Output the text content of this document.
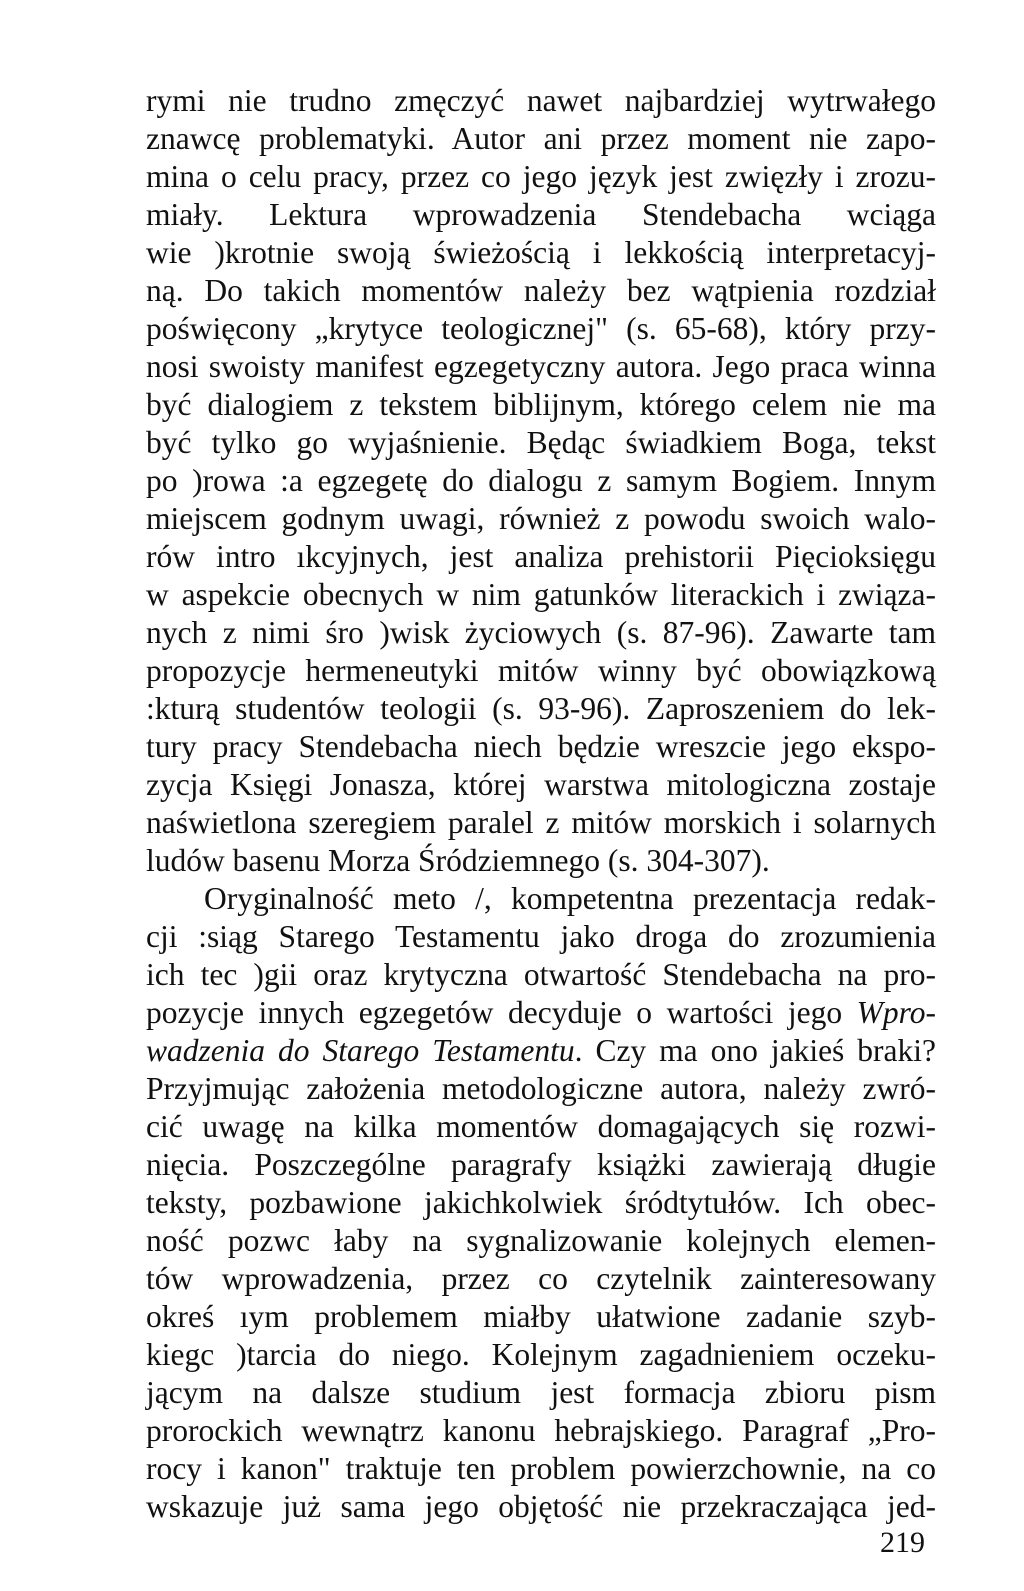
rymi nie trudno zmęczyć nawet najbardziej wytrwałego
znawcę problematyki. Autor ani przez moment nie zapo-
mina o celu pracy, przez co jego język jest zwięzły i zrozu-
miały. Lektura wprowadzenia Stendebacha wciąga
wie )krotnie swoją świeżością i lekkością interpretacyj-
ną. Do takich momentów należy bez wątpienia rozdział
poświęcony „krytyce teologicznej" (s. 65-68), który przy-
nosi swoisty manifest egzegetyczny autora. Jego praca winna
być dialogiem z tekstem biblijnym, którego celem nie ma
być tylko go wyjaśnienie. Będąc świadkiem Boga, tekst
po )rowa :a egzegetę do dialogu z samym Bogiem. Innym
miejscem godnym uwagi, również z powodu swoich walo-
rów intro ıkcyjnych, jest analiza prehistorii Pięcioksięgu
w aspekcie obecnych w nim gatunków literackich i związa-
nych z nimi śro )wisk życiowych (s. 87-96). Zawarte tam
propozycje hermeneutyki mitów winny być obowiązkową
:kturą studentów teologii (s. 93-96). Zaproszeniem do lek-
tury pracy Stendebacha niech będzie wreszcie jego ekspo-
zycja Księgi Jonasza, której warstwa mitologiczna zostaje
naświetlona szeregiem paralel z mitów morskich i solarnych
ludów basenu Morza Śródziemnego (s. 304-307).
Oryginalność meto /, kompetentna prezentacja redak-
cji :siąg Starego Testamentu jako droga do zrozumienia
ich tec )gii oraz krytyczna otwartość Stendebacha na pro-
pozycje innych egzegetów decyduje o wartości jego Wpro-
wadzenia do Starego Testamentu. Czy ma ono jakieś braki?
Przyjmując założenia metodologiczne autora, należy zwró-
cić uwagę na kilka momentów domagających się rozwi-
nięcia. Poszczególne paragrafy książki zawierają długie
teksty, pozbawione jakichkolwiek śródtytułów. Ich obec-
ność pozwc łaby na sygnalizowanie kolejnych elemen-
tów wprowadzenia, przez co czytelnik zainteresowany
okreś ıym problemem miałby ułatwione zadanie szyb-
kiegc )tarcia do niego. Kolejnym zagadnieniem oczeku-
jącym na dalsze studium jest formacja zbioru pism
prorockich wewnątrz kanonu hebrajskiego. Paragraf „Pro-
rocy i kanon" traktuje ten problem powierzchownie, na co
wskazuje już sama jego objętość nie przekraczająca jed-
219
